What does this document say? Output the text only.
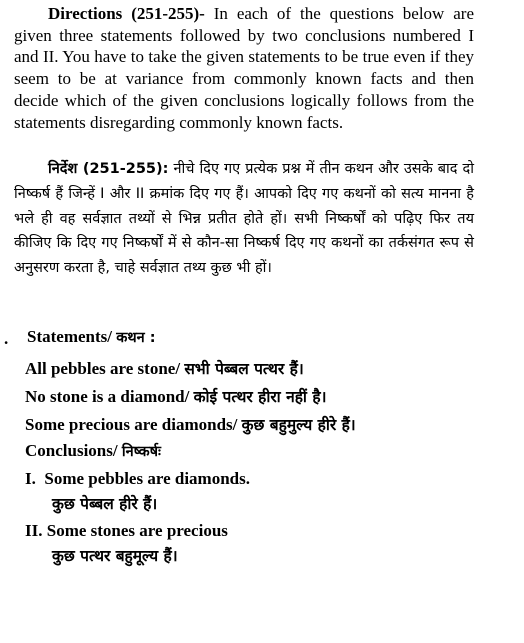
Directions (251-255)- In each of the questions below are given three statements followed by two conclusions numbered I and II. You have to take the given statements to be true even if they seem to be at variance from commonly known facts and then decide which of the given conclusions logically follows from the statements disregarding commonly known facts.
निर्देश (251-255): नीचे दिए गए प्रत्येक प्रश्न में तीन कथन और उसके बाद दो निष्कर्ष हैं जिन्हें I और II क्रमांक दिए गए हैं। आपको दिए गए कथनों को सत्य मानना है भले ही वह सर्वज्ञात तथ्यों से भिन्न प्रतीत होते हों। सभी निष्कर्षों को पढ़िए फिर तय कीजिए कि दिए गए निष्कर्षों में से कौन-सा निष्कर्ष दिए गए कथनों का तर्कसंगत रूप से अनुसरण करता है, चाहे सर्वज्ञात तथ्य कुछ भी हों।
. Statements/ कथन :
All pebbles are stone/ सभी पेब्बल पत्थर हैं।
No stone is a diamond/ कोई पत्थर हीरा नहीं है।
Some precious are diamonds/ कुछ बहुमुल्य हीरे हैं।
Conclusions/ निष्कर्षः
I. Some pebbles are diamonds.
कुछ पेब्बल हीरे हैं।
II. Some stones are precious
कुछ पत्थर बहुमूल्य हैं।
